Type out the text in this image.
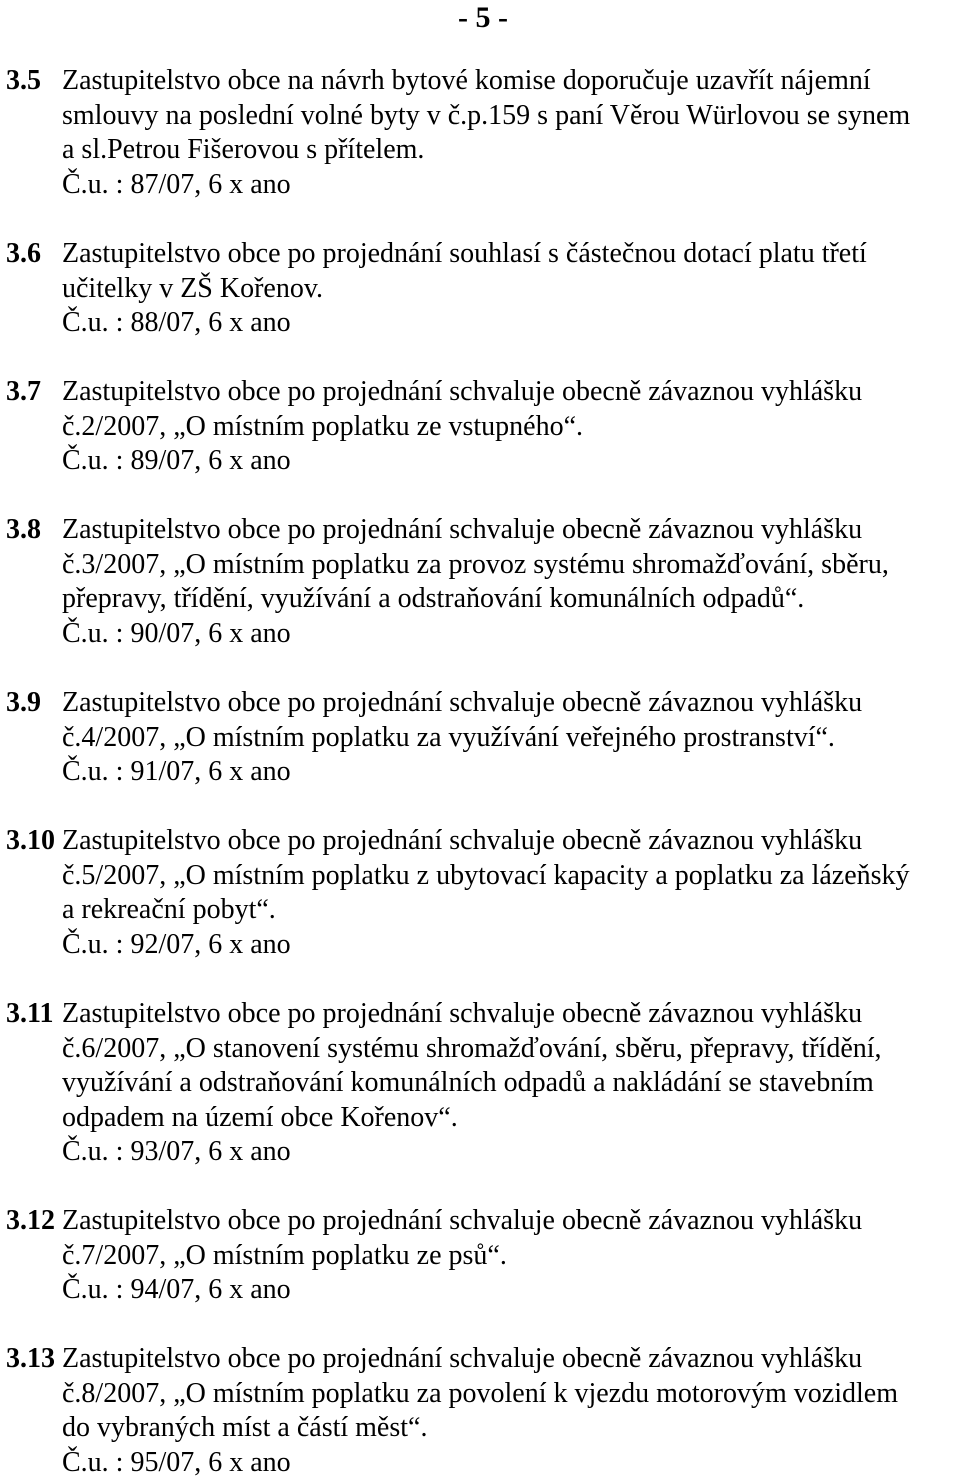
- 5 -
3.5 Zastupitelstvo obce na návrh bytové komise doporučuje uzavřít nájemní
smlouvy na poslední volné byty v č.p.159 s paní Věrou Würlovou se synem
a sl.Petrou Fišerovou s přítelem.
Č.u. : 87/07, 6 x ano
3.6 Zastupitelstvo obce po projednání souhlasí s částečnou dotací platu třetí
učitelky v ZŠ Kořenov.
Č.u. : 88/07, 6 x ano
3.7 Zastupitelstvo obce po projednání schvaluje obecně závaznou vyhlášku
č.2/2007, „O místním poplatku ze vstupného“.
Č.u. : 89/07, 6 x ano
3.8 Zastupitelstvo obce po projednání schvaluje obecně závaznou vyhlášku
č.3/2007, „O místním poplatku za provoz systému shromažďování, sběru,
přepravy, třídění, využívání a odstraňování komunálních odpadů“.
Č.u. : 90/07, 6 x ano
3.9 Zastupitelstvo obce po projednání schvaluje obecně závaznou vyhlášku
č.4/2007, „O místním poplatku za využívání veřejného prostranství“.
Č.u. : 91/07, 6 x ano
3.10 Zastupitelstvo obce po projednání schvaluje obecně závaznou vyhlášku
č.5/2007, „O místním poplatku z ubytovací kapacity a poplatku za lázeňský
a rekreační pobyt“.
Č.u. : 92/07, 6 x ano
3.11 Zastupitelstvo obce po projednání schvaluje obecně závaznou vyhlášku
č.6/2007, „O stanovení systému shromažďování, sběru, přepravy, třídění,
využívání a odstraňování komunálních odpadů a nakládání se stavebním
odpadem na území obce Kořenov“.
Č.u. : 93/07, 6 x ano
3.12 Zastupitelstvo obce po projednání schvaluje obecně závaznou vyhlášku
č.7/2007, „O místním poplatku ze psů“.
Č.u. : 94/07, 6 x ano
3.13 Zastupitelstvo obce po projednání schvaluje obecně závaznou vyhlášku
č.8/2007, „O místním poplatku za povolení k vjezdu motorovým vozidlem
do vybraných míst a částí měst“.
Č.u. : 95/07, 6 x ano
